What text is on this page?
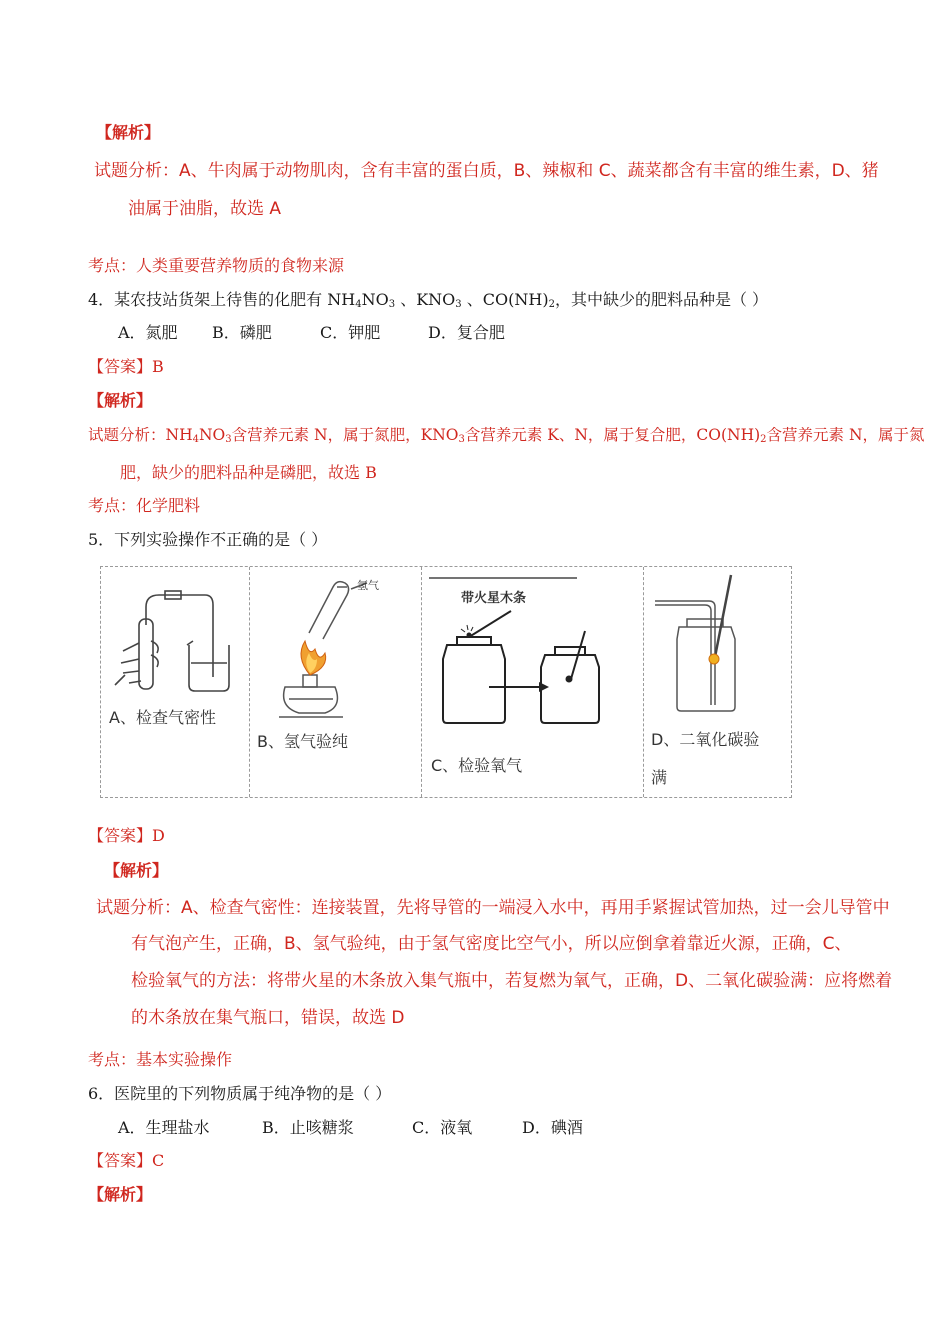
【解析】
试题分析：A、牛肉属于动物肌肉，含有丰富的蛋白质，B、辣椒和 C、蔬菜都含有丰富的维生素，D、猪
油属于油脂，故选 A
考点：人类重要营养物质的食物来源
4．某农技站货架上待售的化肥有 $NH_4NO_3$ 、$KNO_3$ 、$CO(NH)_2$，其中缺少的肥料品种是（ ）
A．氮肥 B．磷肥	C．钾肥	D．复合肥
【答案】B
【解析】
试题分析：$NH_4NO_3$含营养元素 N，属于氮肥，$KNO_3$含营养元素 K、N，属于复合肥，$CO(NH)_2$含营养元素 N，属于氮
肥，缺少的肥料品种是磷肥，故选 B
考点：化学肥料
5．下列实验操作不正确的是（ ）
A、检查气密性
氢气
B、氢气验纯
带火星木条
C、检验氧气
D、二氧化碳验
满
【答案】D
【解析】
试题分析：A、检查气密性：连接装置，先将导管的一端浸入水中，再用手紧握试管加热，过一会儿导管中
有气泡产生，正确，B、氢气验纯，由于氢气密度比空气小，所以应倒拿着靠近火源，正确，C、
检验氧气的方法：将带火星的木条放入集气瓶中，若复燃为氧气，正确，D、二氧化碳验满：应将燃着
的木条放在集气瓶口，错误，故选 D
考点：基本实验操作
6．医院里的下列物质属于纯净物的是（ ）
A．生理盐水	B．止咳糖浆	C．液氧	D．碘酒
【答案】C
【解析】
